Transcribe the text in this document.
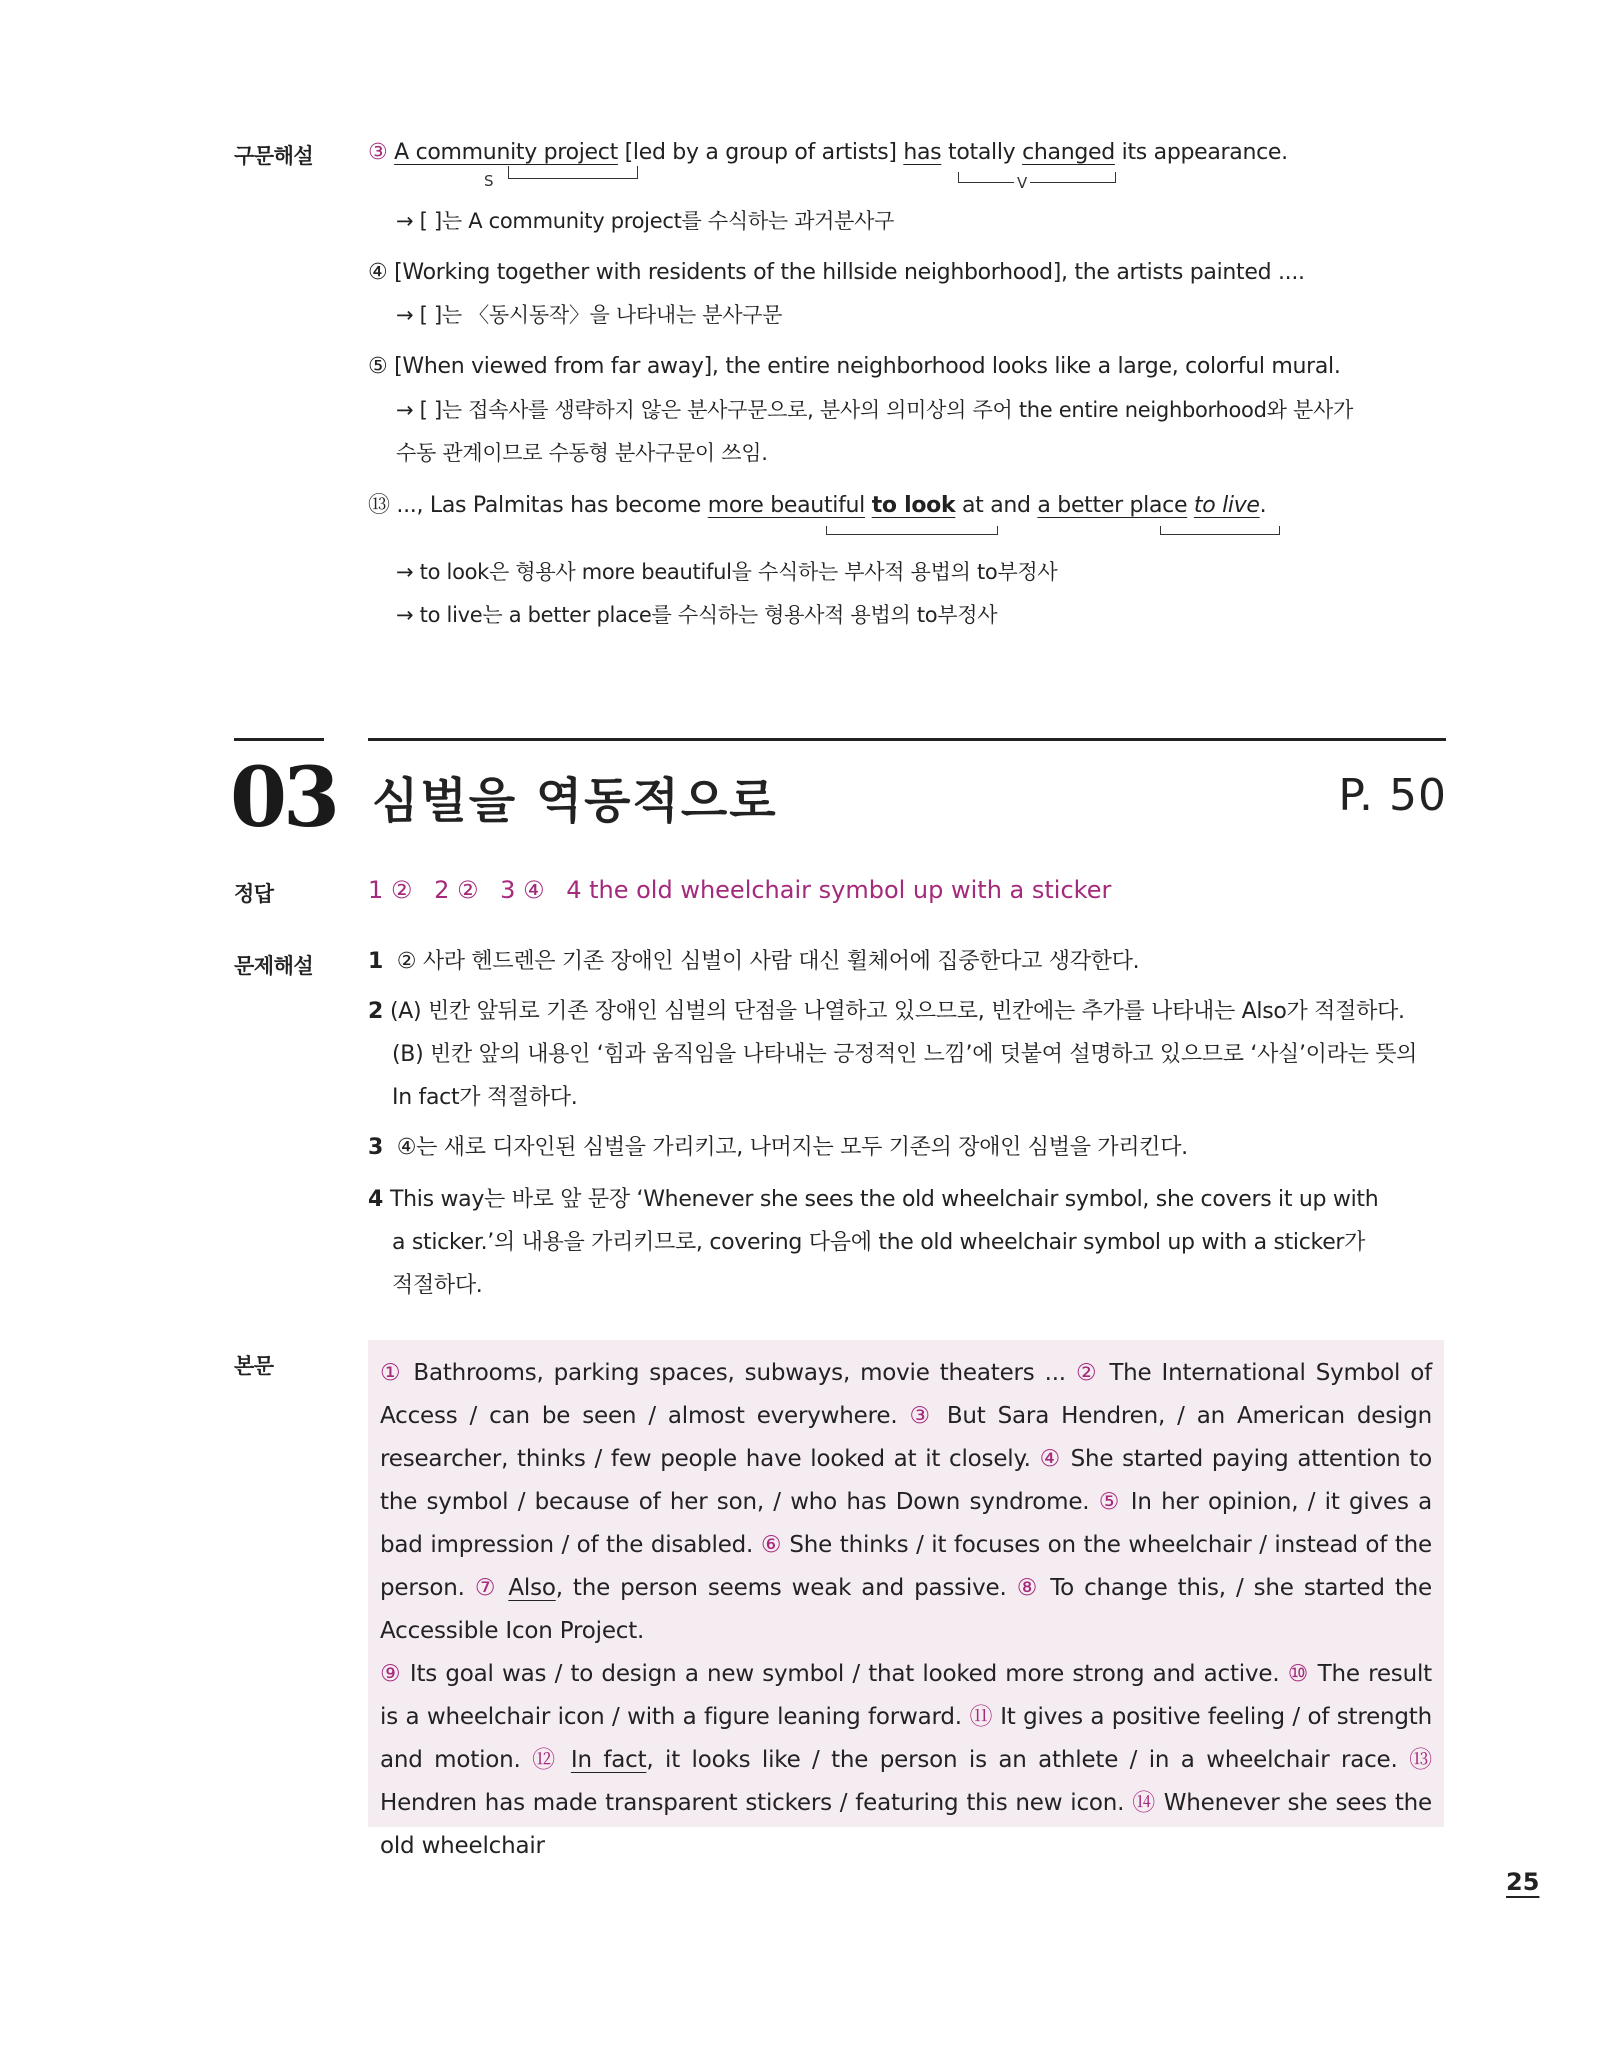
구문해설 ③ A community project [led by a group of artists] has totally changed its appearance.
S	V
→ [ ]는 A community project를 수식하는 과거분사구
④ [Working together with residents of the hillside neighborhood], the artists painted ....
→ [ ]는 〈동시동작〉을 나타내는 분사구문
⑤ [When viewed from far away], the entire neighborhood looks like a large, colorful mural.
→ [ ]는 접속사를 생략하지 않은 분사구문으로, 분사의 의미상의 주어 the entire neighborhood와 분사가
수동 관계이므로 수동형 분사구문이 쓰임.
⑬ ..., Las Palmitas has become more beautiful to look at and a better place to live.
→ to look은 형용사 more beautiful을 수식하는 부사적 용법의 to부정사
→ to live는 a better place를 수식하는 형용사적 용법의 to부정사
03 심벌을 역동적으로	P. 50
정답	1 ② 2 ② 3 ④ 4 the old wheelchair symbol up with a sticker
문제해설 1 ② 사라 헨드렌은 기존 장애인 심벌이 사람 대신 휠체어에 집중한다고 생각한다.
2 (A) 빈칸 앞뒤로 기존 장애인 심벌의 단점을 나열하고 있으므로, 빈칸에는 추가를 나타내는 Also가 적절하다.
(B) 빈칸 앞의 내용인 ‘힘과 움직임을 나타내는 긍정적인 느낌’에 덧붙여 설명하고 있으므로 ‘사실’이라는 뜻의
In fact가 적절하다.
3 ④는 새로 디자인된 심벌을 가리키고, 나머지는 모두 기존의 장애인 심벌을 가리킨다.
4 This way는 바로 앞 문장 ‘Whenever she sees the old wheelchair symbol, she covers it up with
a sticker.’의 내용을 가리키므로, covering 다음에 the old wheelchair symbol up with a sticker가
적절하다.
본문	① Bathrooms, parking spaces, subways, movie theaters ... ② The International Symbol of Access / can be seen / almost everywhere. ③ But Sara Hendren, / an American design researcher, thinks / few people have looked at it closely. ④ She started paying attention to the symbol / because of her son, / who has Down syndrome. ⑤ In her opinion, / it gives a bad impression / of the disabled. ⑥ She thinks / it focuses on the wheelchair / instead of the person. ⑦ Also, the person seems weak and passive. ⑧ To change this, / she started the Accessible Icon Project.
⑨ Its goal was / to design a new symbol / that looked more strong and active. ⑩ The result is a wheelchair icon / with a figure leaning forward. ⑪ It gives a positive feeling / of strength and motion. ⑫ In fact, it looks like / the person is an athlete / in a wheelchair race. ⑬ Hendren has made transparent stickers / featuring this new icon. ⑭ Whenever she sees the old wheelchair
25
